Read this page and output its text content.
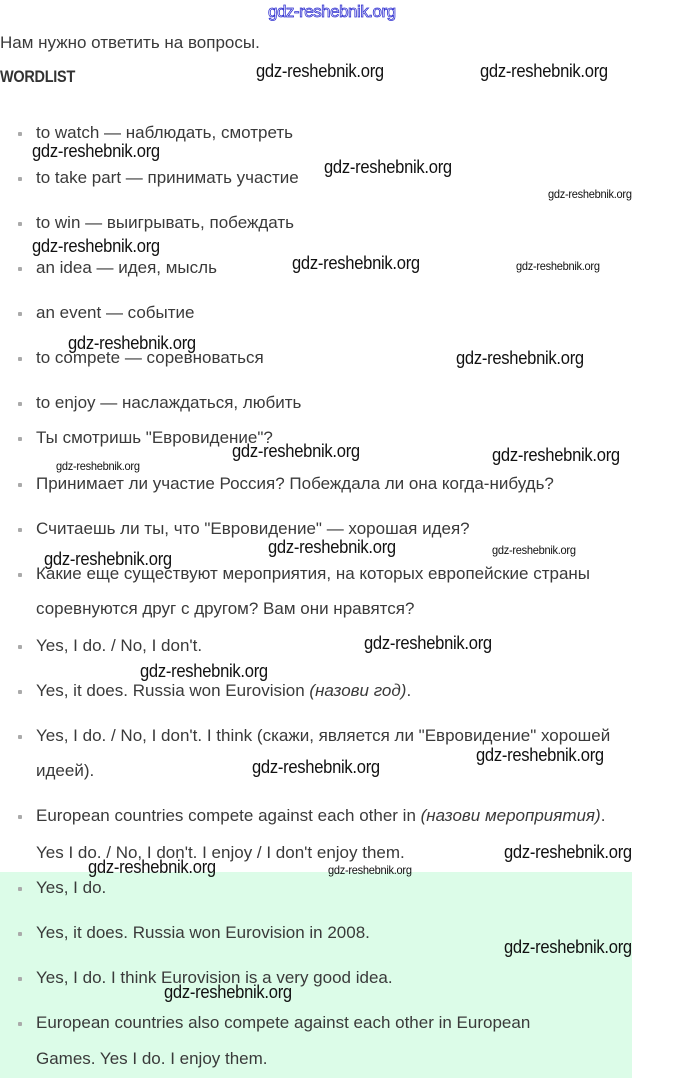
gdz-reshebnik.org
Нам нужно ответить на вопросы.
WORDLIST
to watch — наблюдать, смотреть
to take part — принимать участие
to win — выигрывать, побеждать
an idea — идея, мысль
an event — событие
to compete — соревноваться
to enjoy — наслаждаться, любить
Ты смотришь "Евровидение"?
Принимает ли участие Россия? Побеждала ли она когда-нибудь?
Считаешь ли ты, что "Евровидение" — хорошая идея?
Какие еще существуют мероприятия, на которых европейские страны
соревнуются друг с другом? Вам они нравятся?
Yes, I do. / No, I don't.
Yes, it does. Russia won Eurovision (назови год).
Yes, I do. / No, I don't. I think (скажи, является ли "Евровидение" хорошей
идеей).
European countries compete against each other in (назови мероприятия).
Yes I do. / No, I don't. I enjoy / I don't enjoy them.
Yes, I do.
Yes, it does. Russia won Eurovision in 2008.
Yes, I do. I think Eurovision is a very good idea.
European countries also compete against each other in European
Games. Yes I do. I enjoy them.
gdz-reshebnik.org	gdz-reshebnik.org
gdz-reshebnik.org
gdz-reshebnik.org
gdz-reshebnik.org
gdz-reshebnik.org
gdz-reshebnik.org	gdz-reshebnik.org
gdz-reshebnik.org
gdz-reshebnik.org
gdz-reshebnik.org	gdz-reshebnik.org
gdz-reshebnik.org
gdz-reshebnik.org	gdz-reshebnik.org
gdz-reshebnik.org
gdz-reshebnik.org
gdz-reshebnik.org
gdz-reshebnik.org
gdz-reshebnik.org
gdz-reshebnik.org
gdz-reshebnik.org	gdz-reshebnik.org
gdz-reshebnik.org
gdz-reshebnik.org
